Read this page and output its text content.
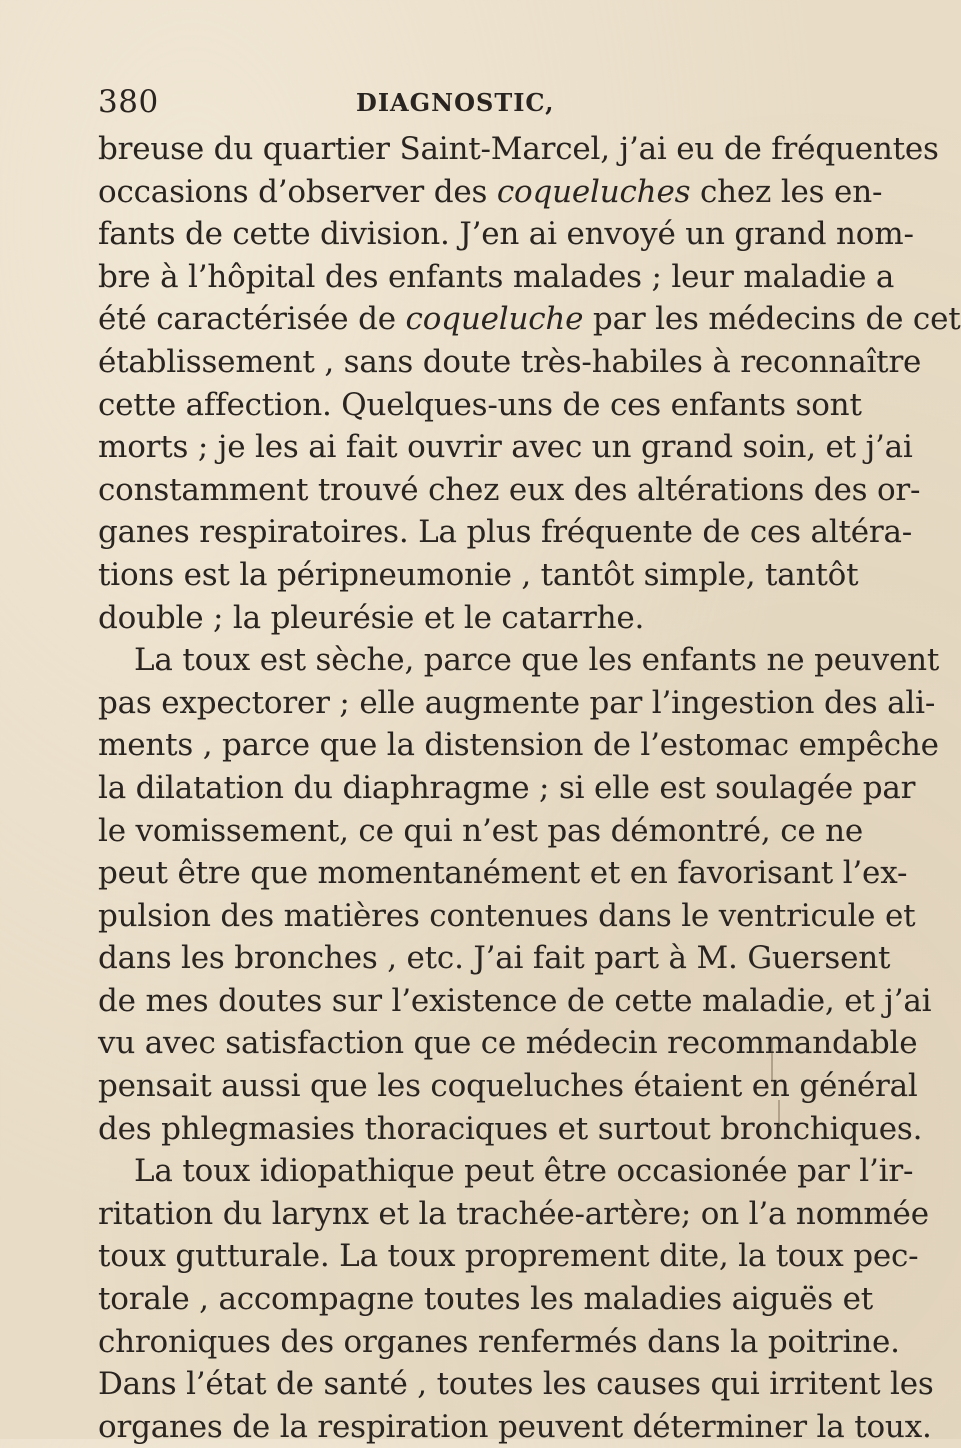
380	DIAGNOSTIC,
breuse du quartier Saint-Marcel, j’ai eu de fréquentes
occasions d’observer des coqueluches chez les en-
fants de cette division. J’en ai envoyé un grand nom-
bre à l’hôpital des enfants malades ; leur maladie a
été caractérisée de coqueluche par les médecins de cet
établissement , sans doute très-habiles à reconnaître
cette affection. Quelques-uns de ces enfants sont
morts ; je les ai fait ouvrir avec un grand soin, et j’ai
constamment trouvé chez eux des altérations des or-
ganes respiratoires. La plus fréquente de ces altéra-
tions est la péripneumonie , tantôt simple, tantôt
double ; la pleurésie et le catarrhe.
La toux est sèche, parce que les enfants ne peuvent
pas expectorer ; elle augmente par l’ingestion des ali-
ments , parce que la distension de l’estomac empêche
la dilatation du diaphragme ; si elle est soulagée par
le vomissement, ce qui n’est pas démontré, ce ne
peut être que momentanément et en favorisant l’ex-
pulsion des matières contenues dans le ventricule et
dans les bronches , etc. J’ai fait part à M. Guersent
de mes doutes sur l’existence de cette maladie, et j’ai
vu avec satisfaction que ce médecin recommandable
pensait aussi que les coqueluches étaient en général
des phlegmasies thoraciques et surtout bronchiques.
La toux idiopathique peut être occasionée par l’ir-
ritation du larynx et la trachée-artère; on l’a nommée
toux gutturale. La toux proprement dite, la toux pec-
torale , accompagne toutes les maladies aiguës et
chroniques des organes renfermés dans la poitrine.
Dans l’état de santé , toutes les causes qui irritent les
organes de la respiration peuvent déterminer la toux.
